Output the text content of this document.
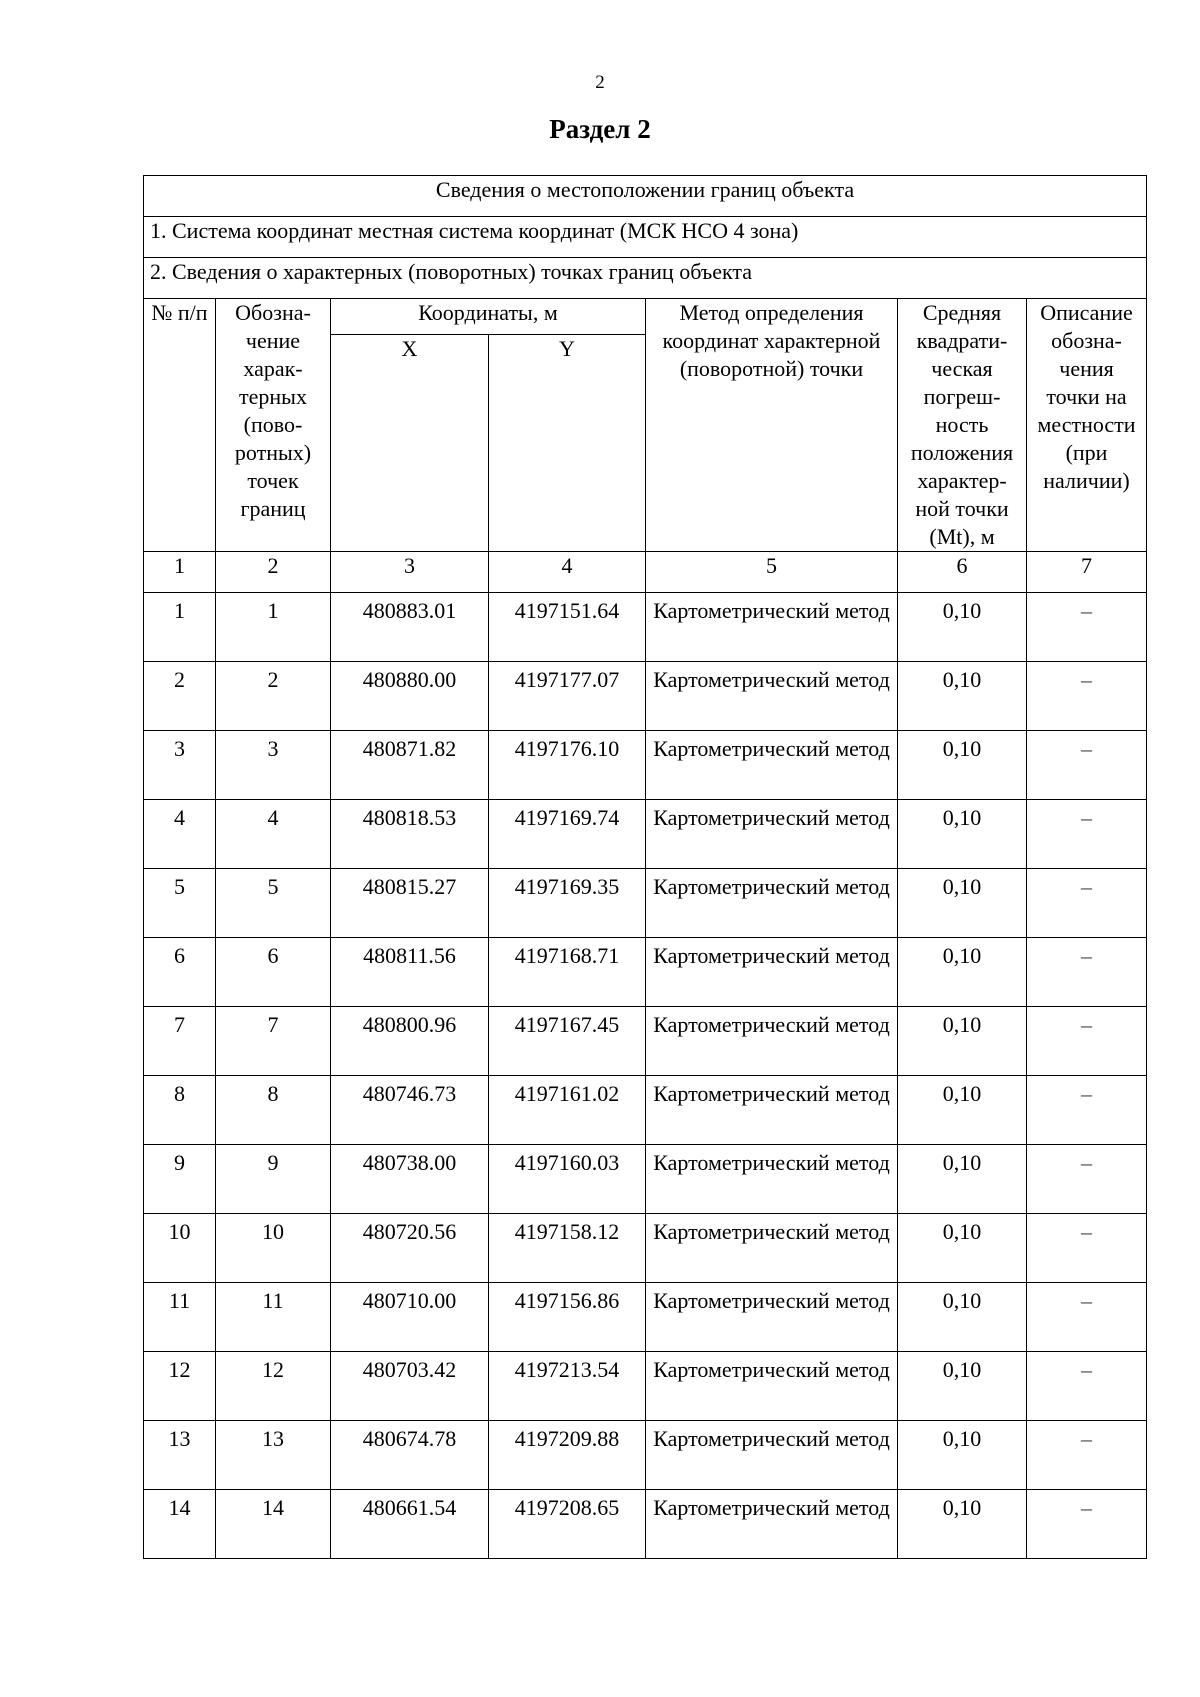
2
Раздел 2
Сведения о местоположении границ объекта						
1. Система координат местная система координат (МСК НСО 4 зона)						
2. Сведения о характерных (поворотных) точках границ объекта						
№ п/п	Обозна-чение харак-терных (пово-ротных) точек границ	Координаты, м		Метод определения координат характерной (поворотной) точки	Средняя квадрати-ческая погреш-ность положения характер-ной точки (Mt), м	Описание обозна-чения точки на местности (при наличии)
		X	Y			
1	2	3	4	5	6	7
1	1	480883.01	4197151.64	Картометрический метод	0,10	–
2	2	480880.00	4197177.07	Картометрический метод	0,10	–
3	3	480871.82	4197176.10	Картометрический метод	0,10	–
4	4	480818.53	4197169.74	Картометрический метод	0,10	–
5	5	480815.27	4197169.35	Картометрический метод	0,10	–
6	6	480811.56	4197168.71	Картометрический метод	0,10	–
7	7	480800.96	4197167.45	Картометрический метод	0,10	–
8	8	480746.73	4197161.02	Картометрический метод	0,10	–
9	9	480738.00	4197160.03	Картометрический метод	0,10	–
10	10	480720.56	4197158.12	Картометрический метод	0,10	–
11	11	480710.00	4197156.86	Картометрический метод	0,10	–
12	12	480703.42	4197213.54	Картометрический метод	0,10	–
13	13	480674.78	4197209.88	Картометрический метод	0,10	–
14	14	480661.54	4197208.65	Картометрический метод	0,10	–
